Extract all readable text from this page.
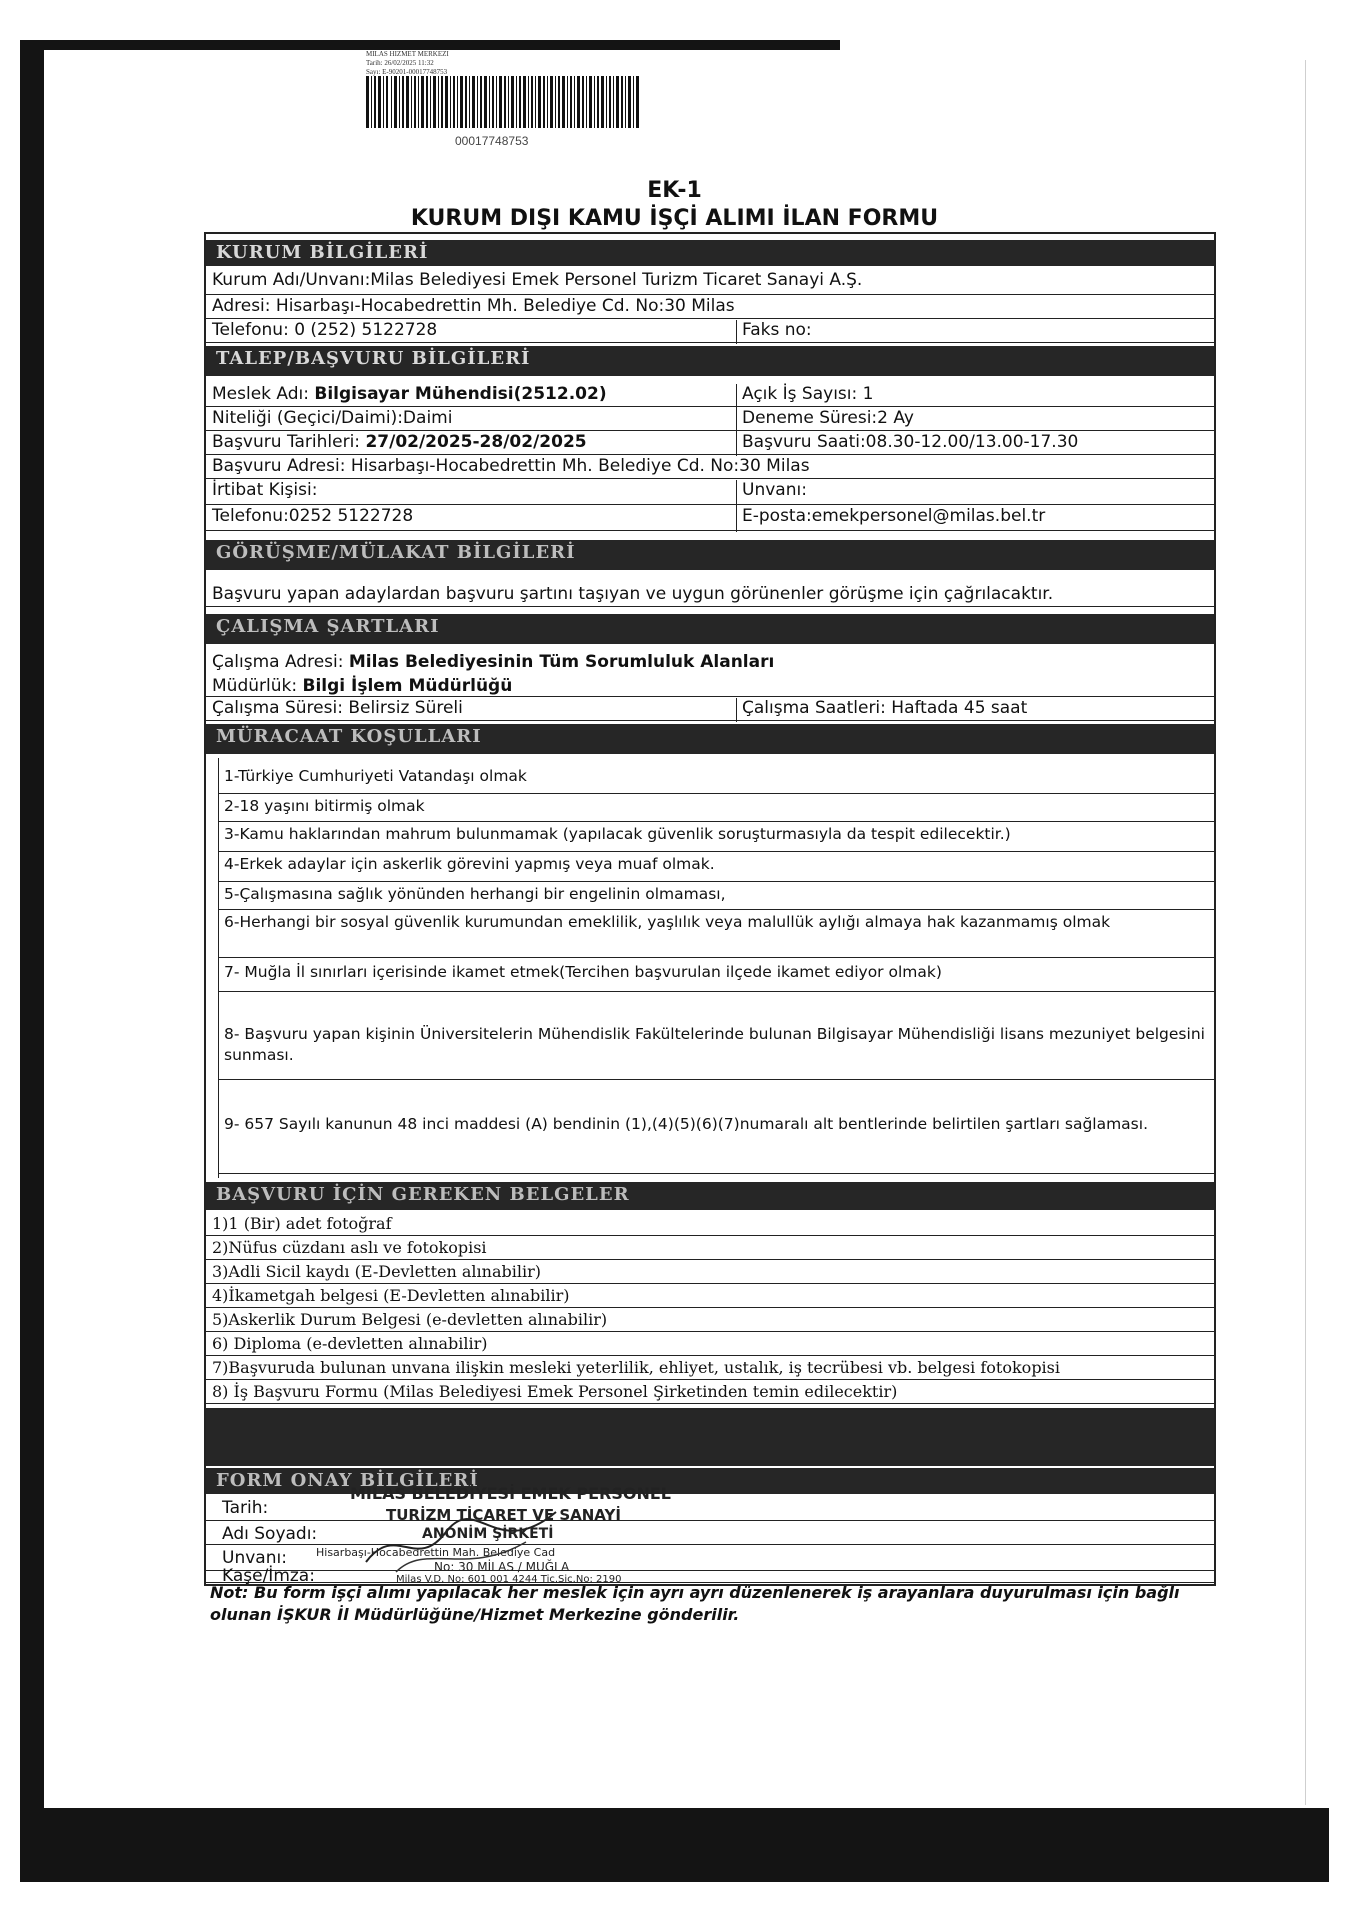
MILAS HIZMET MERKEZI
Tarih: 26/02/2025 11:32
Sayı: E-90201-00017748753
00017748753
EK-1
KURUM DIŞI KAMU İŞÇİ ALIMI İLAN FORMU
KURUM BİLGİLERİ
Kurum Adı/Unvanı:Milas Belediyesi Emek Personel Turizm Ticaret Sanayi A.Ş.
Adresi: Hisarbaşı-Hocabedrettin Mh. Belediye Cd. No:30 Milas
Telefonu: 0 (252) 5122728	Faks no:
TALEP/BAŞVURU BİLGİLERİ
Meslek Adı: Bilgisayar Mühendisi(2512.02)	Açık İş Sayısı: 1
Niteliği (Geçici/Daimi):Daimi	Deneme Süresi:2 Ay
Başvuru Tarihleri: 27/02/2025-28/02/2025	Başvuru Saati:08.30-12.00/13.00-17.30
Başvuru Adresi: Hisarbaşı-Hocabedrettin Mh. Belediye Cd. No:30 Milas
İrtibat Kişisi:	Unvanı:
Telefonu:0252 5122728	E-posta:emekpersonel@milas.bel.tr
GÖRÜŞME/MÜLAKAT BİLGİLERİ
Başvuru yapan adaylardan başvuru şartını taşıyan ve uygun görünenler görüşme için çağrılacaktır.
ÇALIŞMA ŞARTLARI
Çalışma Adresi: Milas Belediyesinin Tüm Sorumluluk Alanları
Müdürlük: Bilgi İşlem Müdürlüğü
Çalışma Süresi: Belirsiz Süreli	Çalışma Saatleri: Haftada 45 saat
MÜRACAAT KOŞULLARI
1-Türkiye Cumhuriyeti Vatandaşı olmak
2-18 yaşını bitirmiş olmak
3-Kamu haklarından mahrum bulunmamak (yapılacak güvenlik soruşturmasıyla da tespit edilecektir.)
4-Erkek adaylar için askerlik görevini yapmış veya muaf olmak.
5-Çalışmasına sağlık yönünden herhangi bir engelinin olmaması,
6-Herhangi bir sosyal güvenlik kurumundan emeklilik, yaşlılık veya malullük aylığı almaya hak kazanmamış olmak
7- Muğla İl sınırları içerisinde ikamet etmek(Tercihen başvurulan ilçede ikamet ediyor olmak)
8- Başvuru yapan kişinin Üniversitelerin Mühendislik Fakültelerinde bulunan Bilgisayar Mühendisliği lisans mezuniyet belgesini sunması.
9- 657 Sayılı kanunun 48 inci maddesi (A) bendinin (1),(4)(5)(6)(7)numaralı alt bentlerinde belirtilen şartları sağlaması.
BAŞVURU İÇİN GEREKEN BELGELER
1)1 (Bir) adet fotoğraf
2)Nüfus cüzdanı aslı ve fotokopisi
3)Adli Sicil kaydı (E-Devletten alınabilir)
4)İkametgah belgesi (E-Devletten alınabilir)
5)Askerlik Durum Belgesi (e-devletten alınabilir)
6) Diploma (e-devletten alınabilir)
7)Başvuruda bulunan unvana ilişkin mesleki yeterlilik, ehliyet, ustalık, iş tecrübesi vb. belgesi fotokopisi
8) İş Başvuru Formu (Milas Belediyesi Emek Personel Şirketinden temin edilecektir)
FORM ONAY BİLGİLERİ
Tarih:
Adı Soyadı:
Unvanı:
Kaşe/İmza:
MILAS BELEDİYESİ EMEK PERSONEL
TURİZM TİCARET VE SANAYİ
ANONİM ŞİRKETİ
Hisarbaşı-Hocabedrettin Mah. Belediye Cad
No: 30 MİLAS / MUĞLA
Milas V.D. No: 601 001 4244 Tic.Sic.No: 2190
Not: Bu form işçi alımı yapılacak her meslek için ayrı ayrı düzenlenerek iş arayanlara duyurulması için bağlı olunan İŞKUR İl Müdürlüğüne/Hizmet Merkezine gönderilir.
